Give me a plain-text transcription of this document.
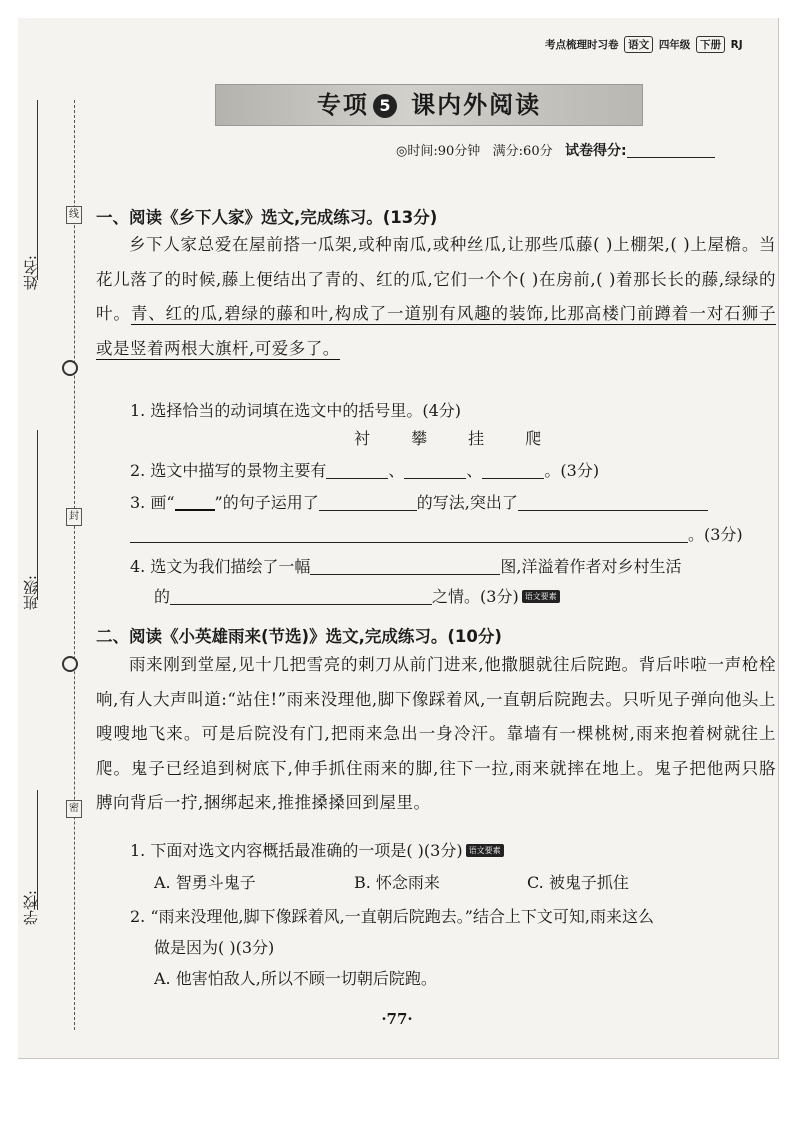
姓名:
班级:
学校:
线
封
密
考点梳理时习卷 语文 四年级 下册 RJ
专项 5 课内外阅读
◎时间:90分钟 满分:60分 试卷得分:
一、阅读《乡下人家》选文,完成练习。(13分)
乡下人家总爱在屋前搭一瓜架,或种南瓜,或种丝瓜,让那些瓜藤( )上棚架,( )上屋檐。当花儿落了的时候,藤上便结出了青的、红的瓜,它们一个个( )在房前,( )着那长长的藤,绿绿的叶。青、红的瓜,碧绿的藤和叶,构成了一道别有风趣的装饰,比那高楼门前蹲着一对石狮子或是竖着两根大旗杆,可爱多了。
1. 选择恰当的动词填在选文中的括号里。(4分)
衬	攀	挂	爬
2. 选文中描写的景物主要有	、	、	。(3分)
3. 画“	”的句子运用了	的写法,突出了
。(3分)
4. 选文为我们描绘了一幅	图,洋溢着作者对乡村生活
的	之情。(3分) 语文要素
二、阅读《小英雄雨来(节选)》选文,完成练习。(10分)
雨来刚到堂屋,见十几把雪亮的刺刀从前门进来,他撒腿就往后院跑。背后咔啦一声枪栓响,有人大声叫道:“站住!”雨来没理他,脚下像踩着风,一直朝后院跑去。只听见子弹向他头上嗖嗖地飞来。可是后院没有门,把雨来急出一身冷汗。靠墙有一棵桃树,雨来抱着树就往上爬。鬼子已经追到树底下,伸手抓住雨来的脚,往下一拉,雨来就摔在地上。鬼子把他两只胳膊向背后一拧,捆绑起来,推推搡搡回到屋里。
1. 下面对选文内容概括最准确的一项是( )(3分) 语文要素
A. 智勇斗鬼子	B. 怀念雨来	C. 被鬼子抓住
2. “雨来没理他,脚下像踩着风,一直朝后院跑去。”结合上下文可知,雨来这么
做是因为( )(3分)
A. 他害怕敌人,所以不顾一切朝后院跑。
·77·
